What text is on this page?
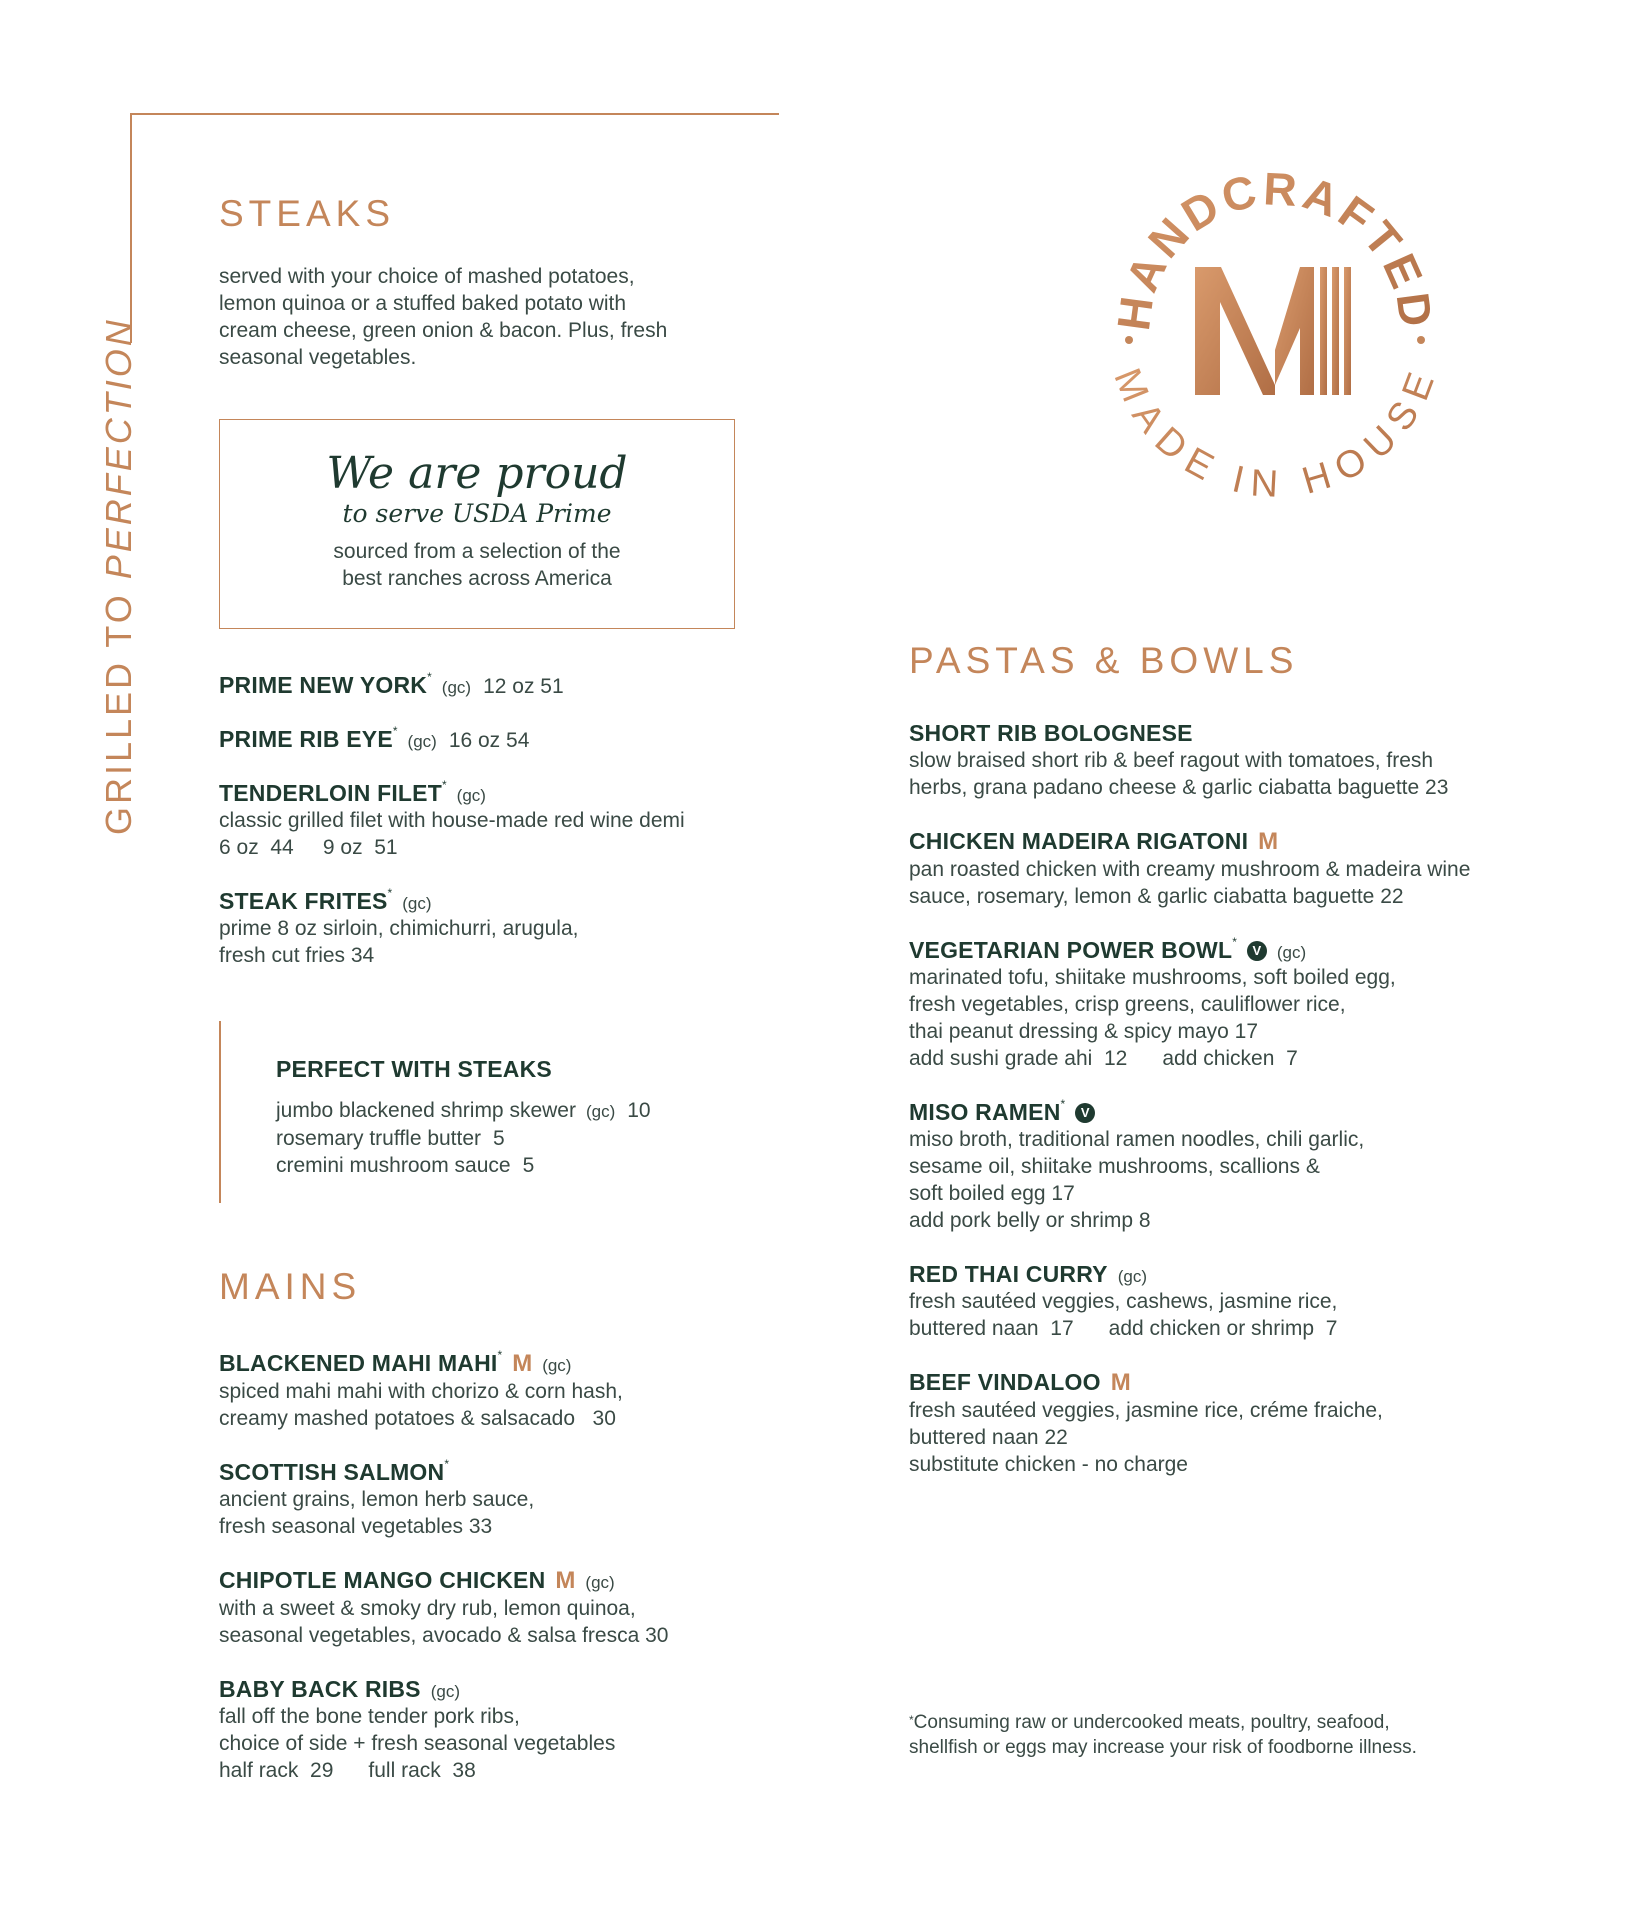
GRILLED TO PERFECTION
STEAKS
served with your choice of mashed potatoes,
lemon quinoa or a stuffed baked potato with
cream cheese, green onion & bacon. Plus, fresh
seasonal vegetables.
We are proud
to serve USDA Prime
sourced from a selection of the
best ranches across America
PRIME NEW YORK*(gc) 12 oz 51
PRIME RIB EYE*(gc) 16 oz 54
TENDERLOIN FILET*(gc)
classic grilled filet with house-made red wine demi
6 oz  44     9 oz  51
STEAK FRITES*(gc)
prime 8 oz sirloin, chimichurri, arugula,
fresh cut fries 34
PERFECT WITH STEAKS
jumbo blackened shrimp skewer (gc) 10
rosemary truffle butter 5
cremini mushroom sauce 5
MAINS
BLACKENED MAHI MAHI* M (gc)
spiced mahi mahi with chorizo & corn hash,
creamy mashed potatoes & salsacado   30
SCOTTISH SALMON*
ancient grains, lemon herb sauce,
fresh seasonal vegetables 33
CHIPOTLE MANGO CHICKEN M (gc)
with a sweet & smoky dry rub, lemon quinoa,
seasonal vegetables, avocado & salsa fresca 30
BABY BACK RIBS (gc)
fall off the bone tender pork ribs,
choice of side + fresh seasonal vegetables
half rack  29      full rack  38
HANDCRAFTED
MADE IN HOUSE
PASTAS & BOWLS
SHORT RIB BOLOGNESE
slow braised short rib & beef ragout with tomatoes, fresh
herbs, grana padano cheese & garlic ciabatta baguette 23
CHICKEN MADEIRA RIGATONI M
pan roasted chicken with creamy mushroom & madeira wine
sauce, rosemary, lemon & garlic ciabatta baguette 22
VEGETARIAN POWER BOWL*V (gc)
marinated tofu, shiitake mushrooms, soft boiled egg,
fresh vegetables, crisp greens, cauliflower rice,
thai peanut dressing & spicy mayo 17
add sushi grade ahi  12      add chicken  7
MISO RAMEN*V
miso broth, traditional ramen noodles, chili garlic,
sesame oil, shiitake mushrooms, scallions &
soft boiled egg 17
add pork belly or shrimp 8
RED THAI CURRY (gc)
fresh sautéed veggies, cashews, jasmine rice,
buttered naan  17      add chicken or shrimp  7
BEEF VINDALOO M
fresh sautéed veggies, jasmine rice, créme fraiche,
buttered naan 22
substitute chicken - no charge
*Consuming raw or undercooked meats, poultry, seafood,
shellfish or eggs may increase your risk of foodborne illness.
